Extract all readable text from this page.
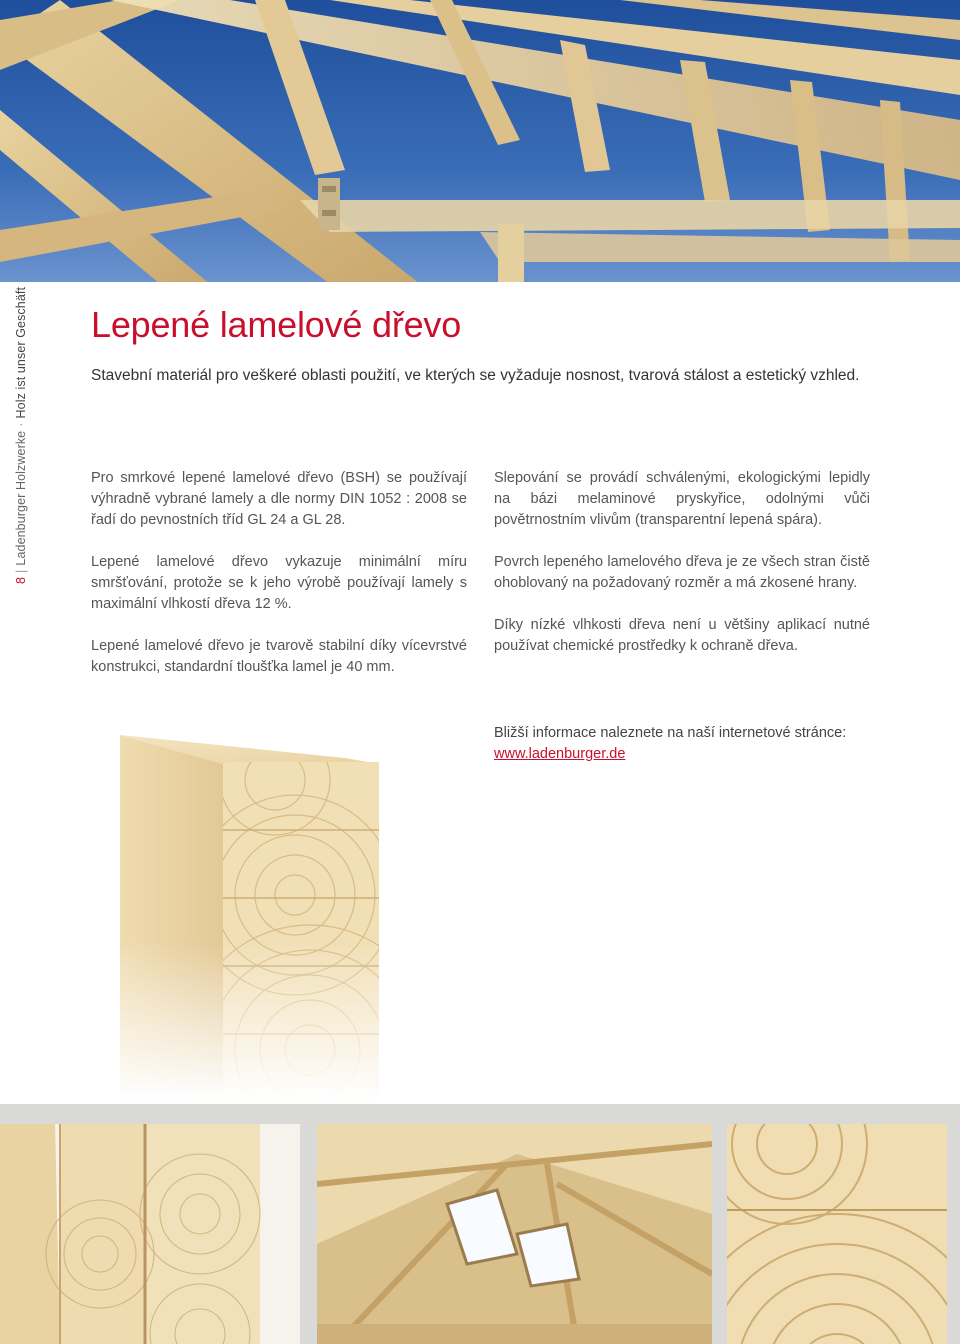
8|Ladenburger Holzwerke·Holz ist unser Geschäft Lepené lamelové dřevo

Stavební materiál pro veškeré oblasti použití, ve kterých se vyžaduje nosnost, tvarová stálost a estetický vzhled.

Pro smrkové lepené lamelové dřevo (BSH) se používají výhradně vybrané lamely a dle normy DIN 1052 : 2008 se řadí do pevnostních tříd GL 24 a GL 28.

Lepené lamelové dřevo vykazuje minimální míru smršťování, protože se k jeho výrobě používají lamely s maximální vlhkostí dřeva 12 %.

Lepené lamelové dřevo je tvarově stabilní díky vícevrstvé konstrukci, standardní tloušťka lamel je 40 mm.

Slepování se provádí schválenými, ekologickými lepidly na bázi melaminové pryskyřice, odolnými vůči povětrnostním vlivům (transparentní lepená spára).

Povrch lepeného lamelového dřeva je ze všech stran čistě ohoblovaný na požadovaný rozměr a má zkosené hrany.

Díky nízké vlhkosti dřeva není u většiny aplikací nutné používat chemické prostředky k ochraně dřeva.

Bližší informace naleznete na naší internetové stránce:
www.ladenburger.de
